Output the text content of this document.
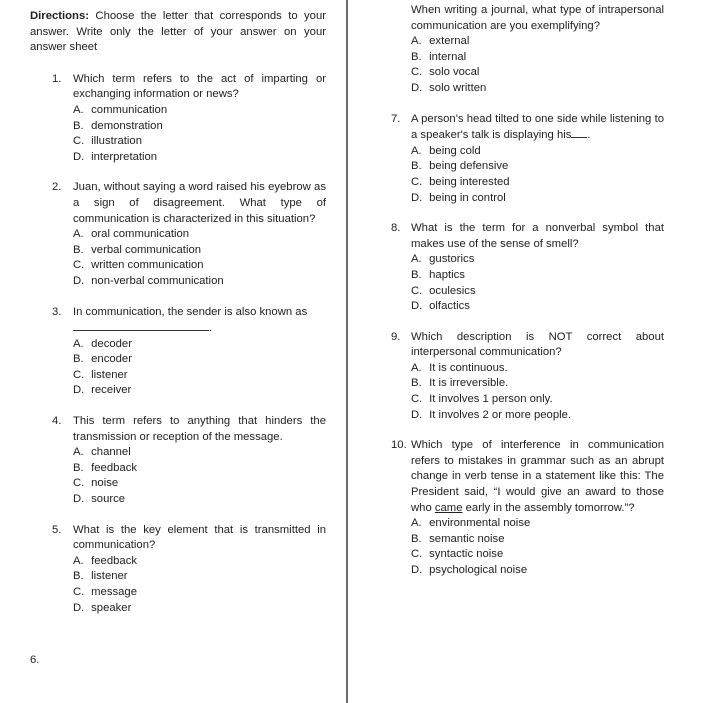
Directions: Choose the letter that corresponds to your answer. Write only the letter of your answer on your answer sheet
1. Which term refers to the act of imparting or exchanging information or news?
A. communication
B. demonstration
C. illustration
D. interpretation
2. Juan, without saying a word raised his eyebrow as a sign of disagreement. What type of communication is characterized in this situation?
A. oral communication
B. verbal communication
C. written communication
D. non-verbal communication
3. In communication, the sender is also known as.
A. decoder
B. encoder
C. listener
D. receiver
4. This term refers to anything that hinders the transmission or reception of the message.
A. channel
B. feedback
C. noise
D. source
5. What is the key element that is transmitted in communication?
A. feedback
B. listener
C. message
D. speaker
6.
When writing a journal, what type of intrapersonal communication are you exemplifying?
A. external
B. internal
C. solo vocal
D. solo written
7. A person's head tilted to one side while listening to a speaker's talk is displaying his .
A. being cold
B. being defensive
C. being interested
D. being in control
8. What is the term for a nonverbal symbol that makes use of the sense of smell?
A. gustorics
B. haptics
C. oculesics
D. olfactics
9. Which description is NOT correct about interpersonal communication?
A. It is continuous.
B. It is irreversible.
C. It involves 1 person only.
D. It involves 2 or more people.
10. Which type of interference in communication refers to mistakes in grammar such as an abrupt change in verb tense in a statement like this: The President said, “I would give an award to those who came early in the assembly tomorrow.”?
A. environmental noise
B. semantic noise
C. syntactic noise
D. psychological noise
